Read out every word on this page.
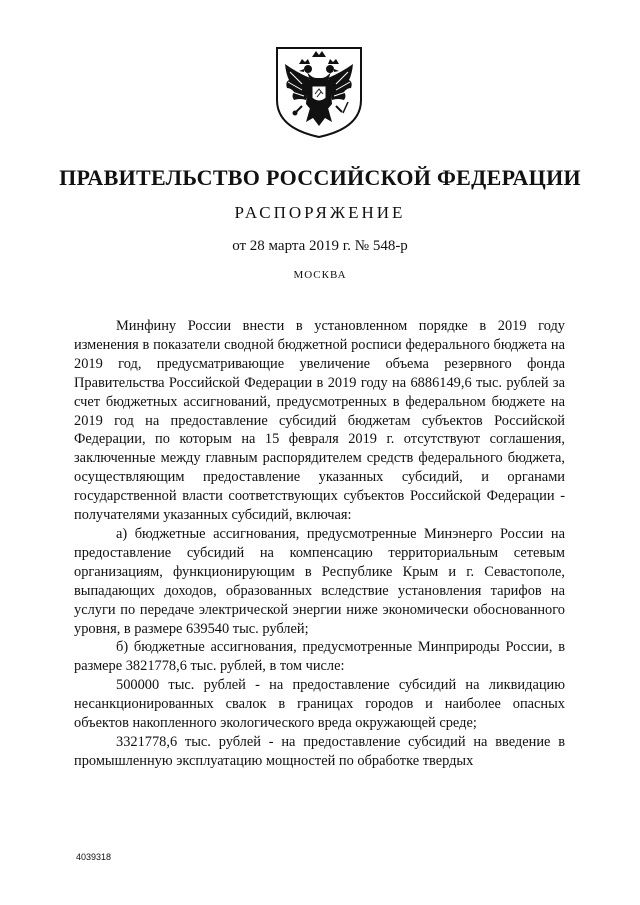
ПРАВИТЕЛЬСТВО РОССИЙСКОЙ ФЕДЕРАЦИИ
РАСПОРЯЖЕНИЕ
от 28 марта 2019 г. № 548-р
МОСКВА

Минфину России внести в установленном порядке в 2019 году изменения в показатели сводной бюджетной росписи федерального бюджета на 2019 год, предусматривающие увеличение объема резервного фонда Правительства Российской Федерации в 2019 году на 6886149,6 тыс. рублей за счет бюджетных ассигнований, предусмотренных в федеральном бюджете на 2019 год на предоставление субсидий бюджетам субъектов Российской Федерации, по которым на 15 февраля 2019 г. отсутствуют соглашения, заключенные между главным распорядителем средств федерального бюджета, осуществляющим предоставление указанных субсидий, и органами государственной власти соответствующих субъектов Российской Федерации - получателями указанных субсидий, включая:

а) бюджетные ассигнования, предусмотренные Минэнерго России на предоставление субсидий на компенсацию территориальным сетевым организациям, функционирующим в Республике Крым и г. Севастополе, выпадающих доходов, образованных вследствие установления тарифов на услуги по передаче электрической энергии ниже экономически обоснованного уровня, в размере 639540 тыс. рублей;

б) бюджетные ассигнования, предусмотренные Минприроды России, в размере 3821778,6 тыс. рублей, в том числе:

500000 тыс. рублей - на предоставление субсидий на ликвидацию несанкционированных свалок в границах городов и наиболее опасных объектов накопленного экологического вреда окружающей среде;

3321778,6 тыс. рублей - на предоставление субсидий на введение в промышленную эксплуатацию мощностей по обработке твердых

4039318
